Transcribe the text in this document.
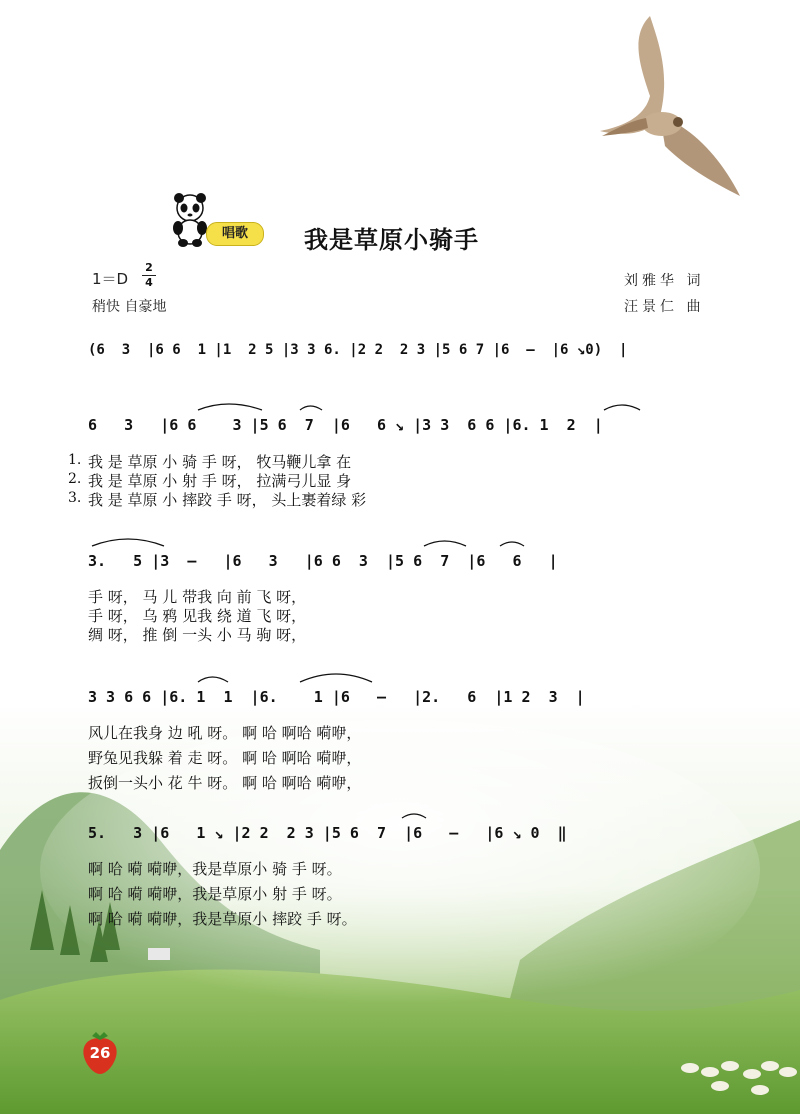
唱歌	我是草原小骑手
1＝D
2
4
稍快 自豪地
刘雅华 词
汪景仁 曲
(6  3  |6 6  1 |1  2 5 |3 3 6. |2 2  2 3 |5 6 7 |6  –  |6 ↘0)  |
6   3   |6 6    3 |5 6  7  |6   6 ↘ |3 3  6 6 |6. 1  2  |
1.
2.
3.
我 是 草原 小 骑 手 呀， 牧马鞭儿拿 在
我 是 草原 小 射 手 呀， 拉满弓儿显 身
我 是 草原 小 摔跤 手 呀， 头上裹着绿 彩
3.   5 |3  –   |6   3   |6 6  3  |5 6  7  |6   6   |
手 呀， 马 儿 带我 向 前 飞 呀，
手 呀， 乌 鸦 见我 绕 道 飞 呀，
绸 呀， 推 倒 一头 小 马 驹 呀，
3 3 6 6 |6. 1  1  |6.    1 |6   –   |2.   6  |1 2  3  |
风儿在我身 边 吼 呀。 啊 哈 啊哈 嗬咿，
野兔见我躲 着 走 呀。 啊 哈 啊哈 嗬咿，
扳倒一头小 花 牛 呀。 啊 哈 啊哈 嗬咿，
5.   3 |6   1 ↘ |2 2  2 3 |5 6  7  |6   –   |6 ↘ 0  ‖
啊 哈 嗬 嗬咿，我是草原小 骑 手 呀。
啊 哈 嗬 嗬咿，我是草原小 射 手 呀。
啊 哈 嗬 嗬咿，我是草原小 摔跤 手 呀。
26
